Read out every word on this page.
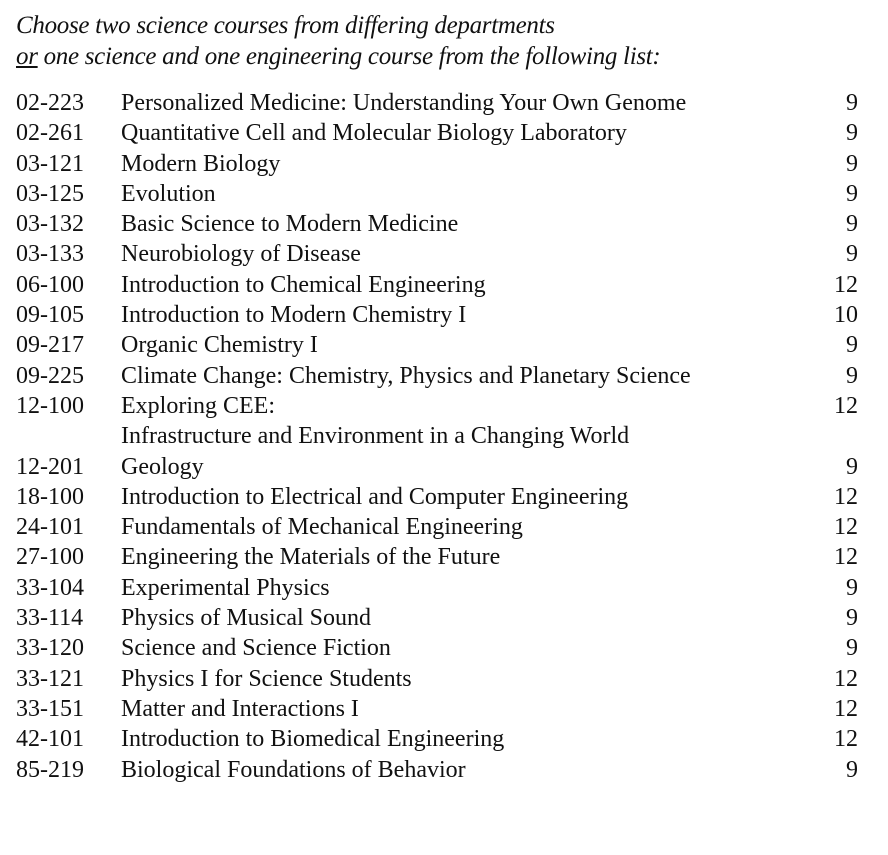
Choose two science courses from differing departments
or one science and one engineering course from the following list:
02-223	Personalized Medicine: Understanding Your Own Genome	9
02-261	Quantitative Cell and Molecular Biology Laboratory	9
03-121	Modern Biology	9
03-125	Evolution	9
03-132	Basic Science to Modern Medicine	9
03-133	Neurobiology of Disease	9
06-100	Introduction to Chemical Engineering	12
09-105	Introduction to Modern Chemistry I	10
09-217	Organic Chemistry I	9
09-225	Climate Change: Chemistry, Physics and Planetary Science	9
12-100	Exploring CEE:	12
Infrastructure and Environment in a Changing World
12-201	Geology	9
18-100	Introduction to Electrical and Computer Engineering	12
24-101	Fundamentals of Mechanical Engineering	12
27-100	Engineering the Materials of the Future	12
33-104	Experimental Physics	9
33-114	Physics of Musical Sound	9
33-120	Science and Science Fiction	9
33-121	Physics I for Science Students	12
33-151	Matter and Interactions I	12
42-101	Introduction to Biomedical Engineering	12
85-219	Biological Foundations of Behavior	9
